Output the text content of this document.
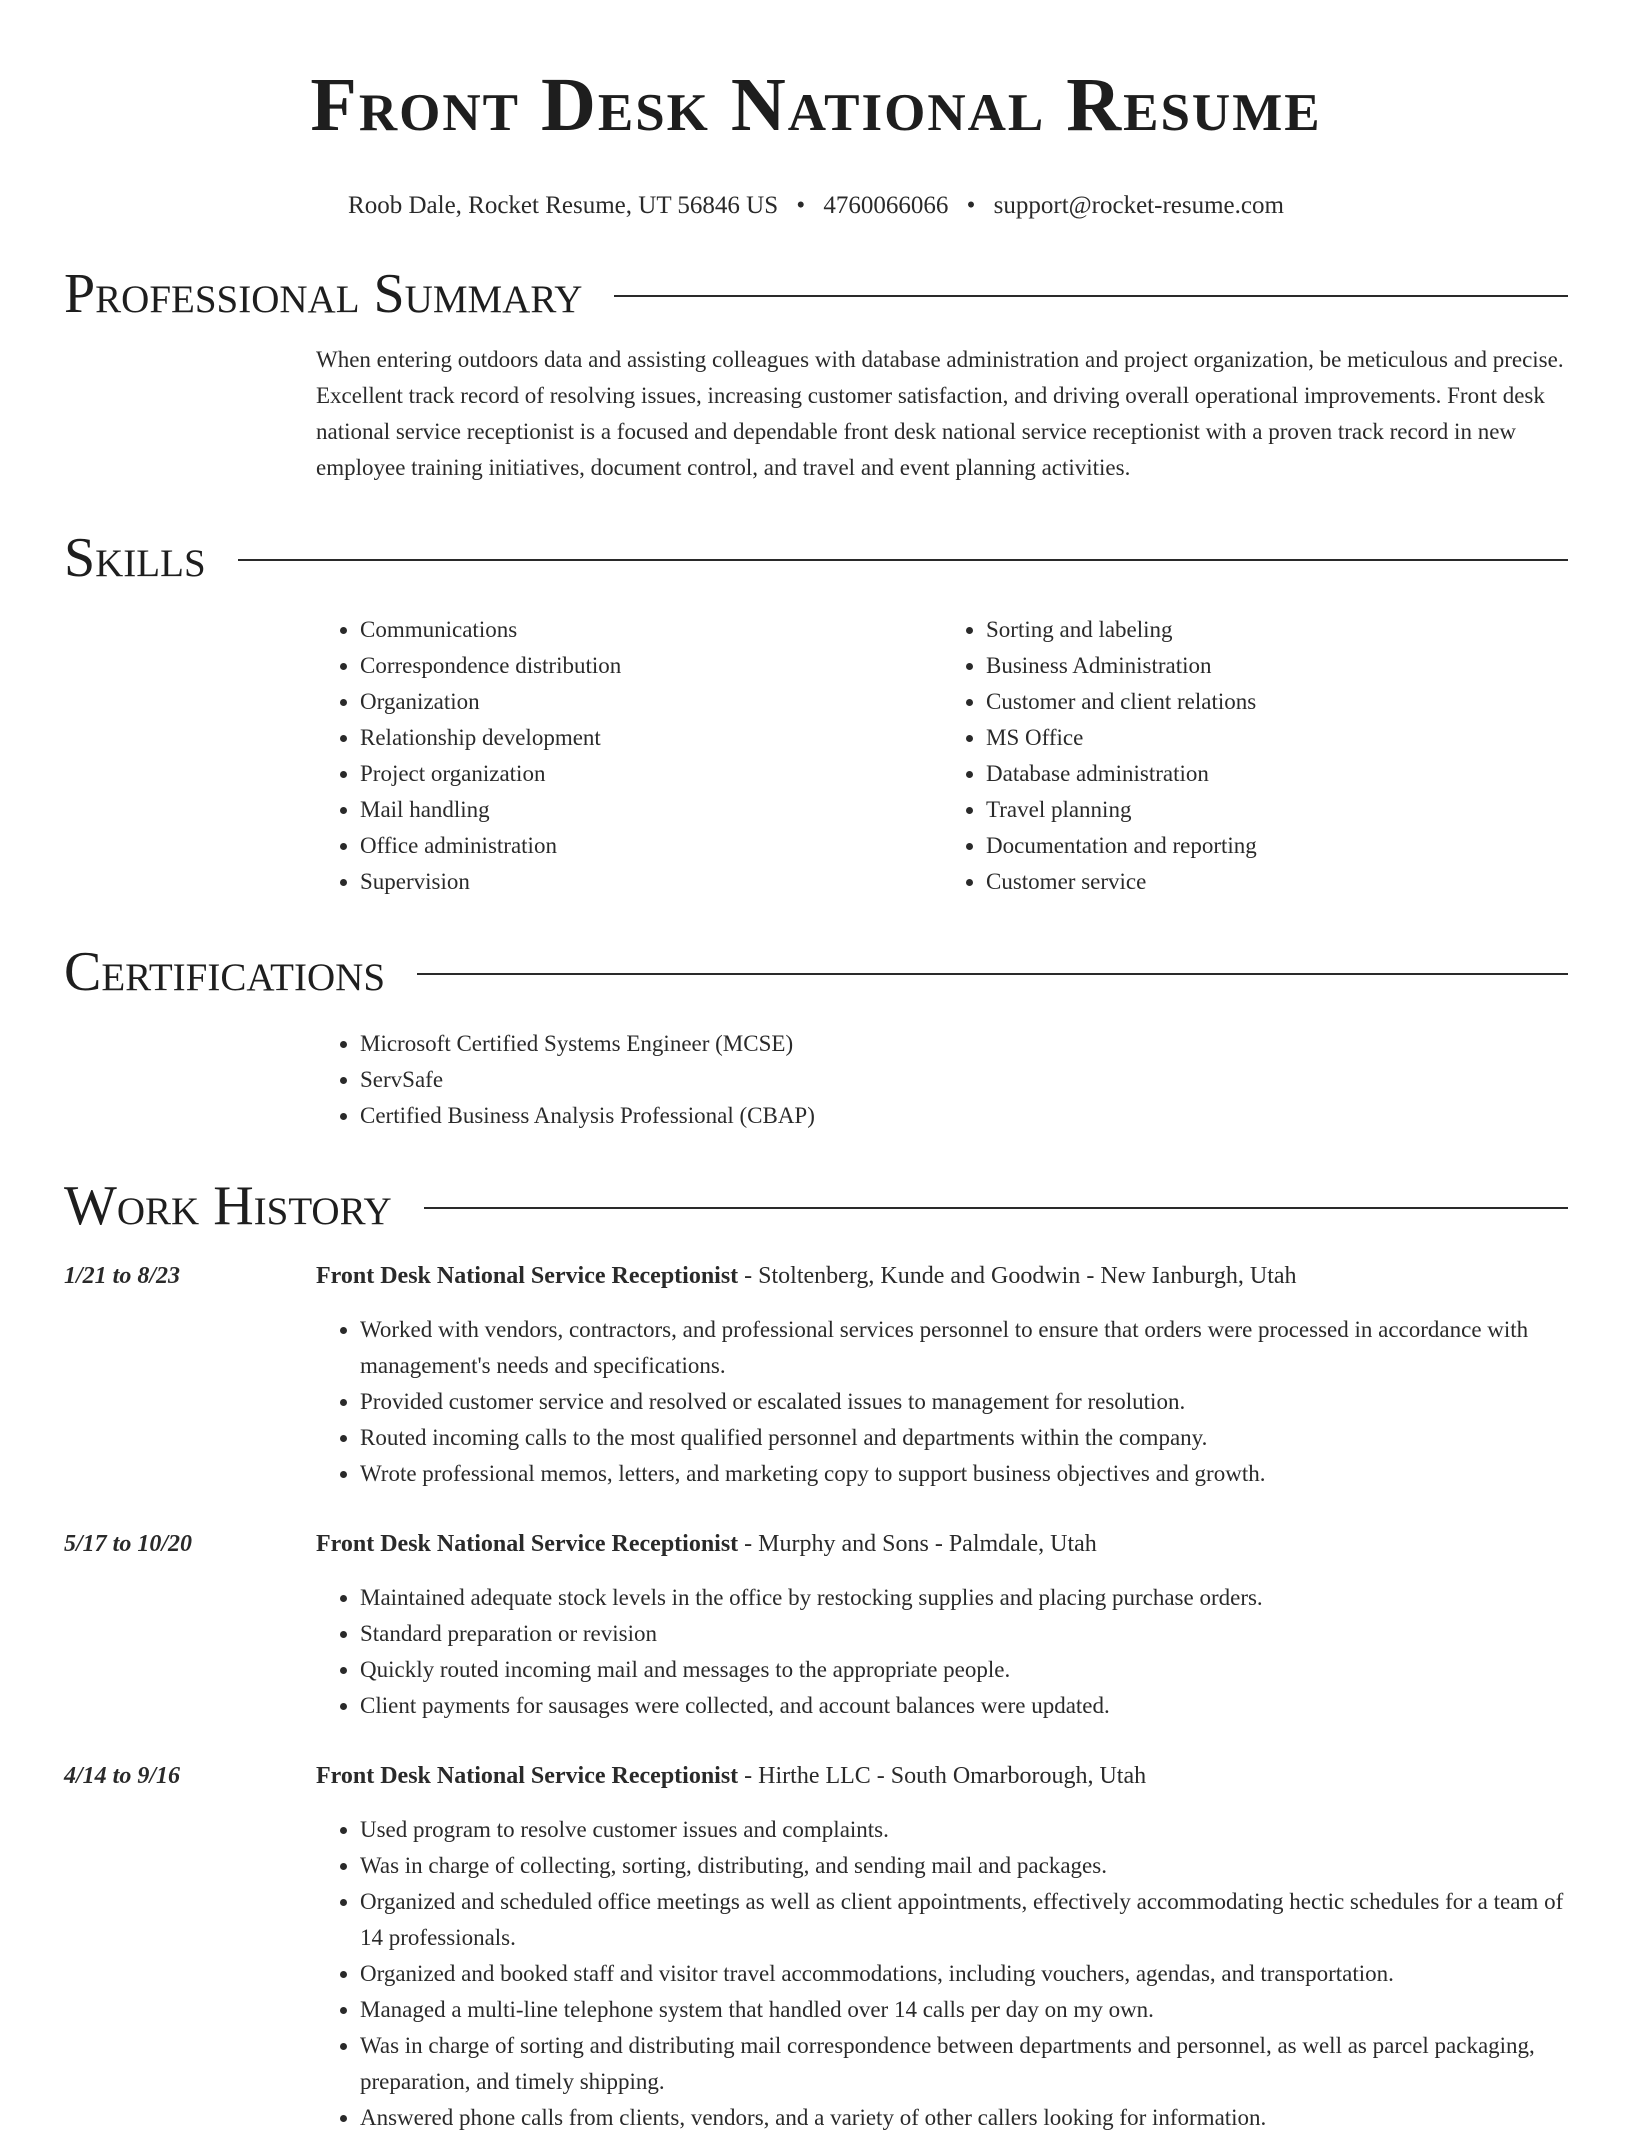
Front Desk National Resume
Roob Dale, Rocket Resume, UT 56846 US • 4760066066 • support@rocket-resume.com
Professional Summary

When entering outdoors data and assisting colleagues with database administration and project organization, be meticulous and precise. Excellent track record of resolving issues, increasing customer satisfaction, and driving overall operational improvements. Front desk national service receptionist is a focused and dependable front desk national service receptionist with a proven track record in new employee training initiatives, document control, and travel and event planning activities.

Skills
• Communications
• Correspondence distribution
• Organization
• Relationship development
• Project organization
• Mail handling
• Office administration
• Supervision
• Sorting and labeling
• Business Administration
• Customer and client relations
• MS Office
• Database administration
• Travel planning
• Documentation and reporting
• Customer service
Certifications
• Microsoft Certified Systems Engineer (MCSE)
• ServSafe
• Certified Business Analysis Professional (CBAP)
Work History
1/21 to 8/23	Front Desk National Service Receptionist - Stoltenberg, Kunde and Goodwin - New Ianburgh, Utah
• Worked with vendors, contractors, and professional services personnel to ensure that orders were processed in accordance with management's needs and specifications.
• Provided customer service and resolved or escalated issues to management for resolution.
• Routed incoming calls to the most qualified personnel and departments within the company.
• Wrote professional memos, letters, and marketing copy to support business objectives and growth.
5/17 to 10/20	Front Desk National Service Receptionist - Murphy and Sons - Palmdale, Utah
• Maintained adequate stock levels in the office by restocking supplies and placing purchase orders.
• Standard preparation or revision
• Quickly routed incoming mail and messages to the appropriate people.
• Client payments for sausages were collected, and account balances were updated.
4/14 to 9/16	Front Desk National Service Receptionist - Hirthe LLC - South Omarborough, Utah
• Used program to resolve customer issues and complaints.
• Was in charge of collecting, sorting, distributing, and sending mail and packages.
• Organized and scheduled office meetings as well as client appointments, effectively accommodating hectic schedules for a team of 14 professionals.
• Organized and booked staff and visitor travel accommodations, including vouchers, agendas, and transportation.
• Managed a multi-line telephone system that handled over 14 calls per day on my own.
• Was in charge of sorting and distributing mail correspondence between departments and personnel, as well as parcel packaging, preparation, and timely shipping.
• Answered phone calls from clients, vendors, and a variety of other callers looking for information.
